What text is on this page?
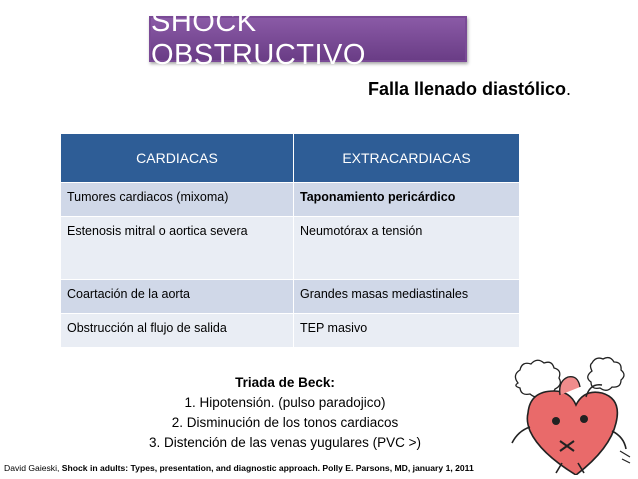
SHOCK OBSTRUCTIVO
Falla llenado diastólico.
CARDIACAS	EXTRACARDIACAS
Tumores cardiacos (mixoma)	Taponamiento pericárdico
Estenosis mitral o aortica severa	Neumotórax a tensión
Coartación de la aorta	Grandes masas mediastinales
Obstrucción al flujo de salida	TEP masivo
Triada de Beck:
1. Hipotensión. (pulso paradojico)
2. Disminución de los tonos cardiacos
3. Distención de las venas yugulares (PVC >)
David Gaieski, Shock in adults: Types, presentation, and diagnostic approach. Polly E. Parsons, MD, january 1, 2011
